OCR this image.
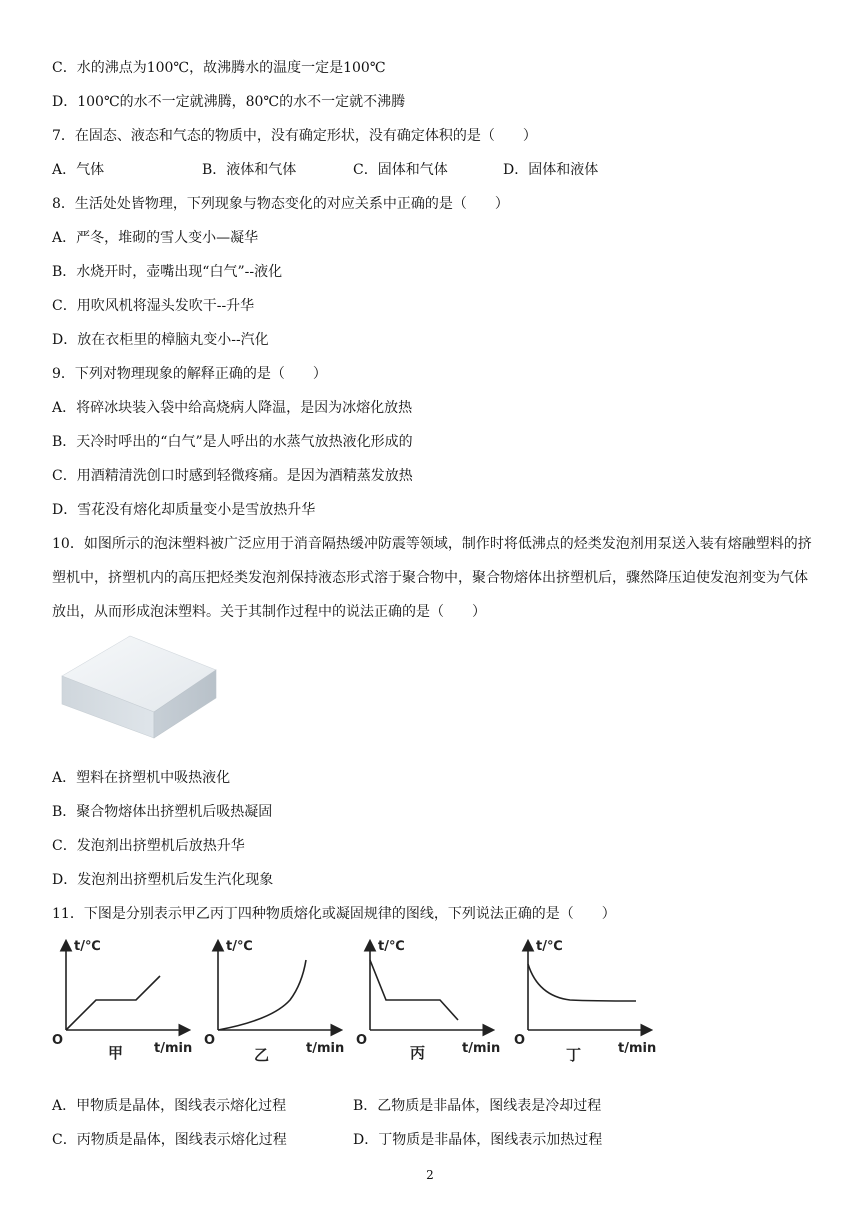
C．水的沸点为100℃，故沸腾水的温度一定是100℃
D．100℃的水不一定就沸腾，80℃的水不一定就不沸腾
7．在固态、液态和气态的物质中，没有确定形状，没有确定体积的是（　　）
A．气体	B．液体和气体	C．固体和气体	D．固体和液体
8．生活处处皆物理，下列现象与物态变化的对应关系中正确的是（　　）
A．严冬，堆砌的雪人变小—凝华
B．水烧开时，壶嘴出现“白气”--液化
C．用吹风机将湿头发吹干--升华
D．放在衣柜里的樟脑丸变小--汽化
9．下列对物理现象的解释正确的是（　　）
A．将碎冰块装入袋中给高烧病人降温，是因为冰熔化放热
B．天冷时呼出的“白气”是人呼出的水蒸气放热液化形成的
C．用酒精清洗创口时感到轻微疼痛。是因为酒精蒸发放热
D．雪花没有熔化却质量变小是雪放热升华
10．如图所示的泡沫塑料被广泛应用于消音隔热缓冲防震等领域，制作时将低沸点的烃类发泡剂用泵送入装有熔融塑料的挤塑机中，挤塑机内的高压把烃类发泡剂保持液态形式溶于聚合物中，聚合物熔体出挤塑机后，骤然降压迫使发泡剂变为气体放出，从而形成泡沫塑料。关于其制作过程中的说法正确的是（　　）
A．塑料在挤塑机中吸热液化
B．聚合物熔体出挤塑机后吸热凝固
C．发泡剂出挤塑机后放热升华
D．发泡剂出挤塑机后发生汽化现象
11．下图是分别表示甲乙丙丁四种物质熔化或凝固规律的图线，下列说法正确的是（　　）
t/℃
O
t/min
甲
t/℃
O
t/min
乙
t/℃
O
t/min
丙
t/℃
O
t/min
丁
A．甲物质是晶体，图线表示熔化过程	B．乙物质是非晶体，图线表是冷却过程
C．丙物质是晶体，图线表示熔化过程	D．丁物质是非晶体，图线表示加热过程
2
